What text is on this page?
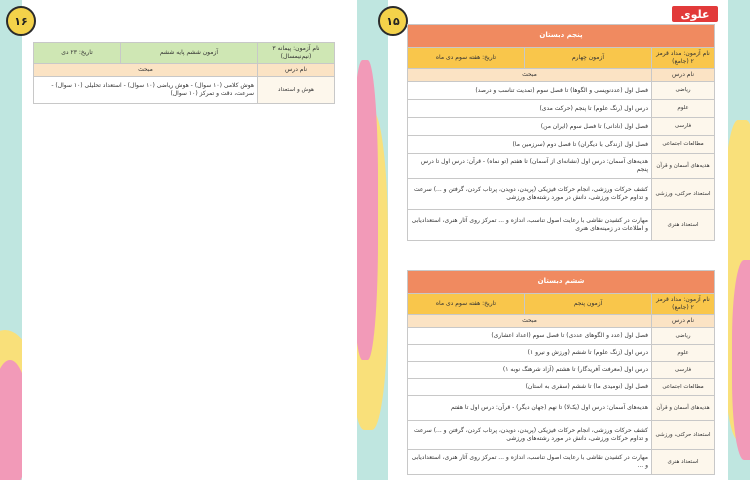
۱۶	۱۵
علوی
نام آزمون: پیمانه ۳ (نیم‌نیمسال)	آزمون ششم پایه ششم	تاریخ: ۲۳ دی
نام درس	مبحث	
هوش و استعداد	هوش کلامی (۱۰ سوال) - هوش ریاضی (۱۰ سوال) - استعداد تحلیلی (۱۰ سوال) - سرعت، دقت و تمرکز (۱۰ سوال)	
پنجم دبستان		
نام آزمون: مداد قرمز ۲ (جامع)	آزمون چهارم	تاریخ: هفته سوم دی ماه
نام درس	مبحث	
ریاضی	فصل اول (عددنویسی و الگوها) تا فصل سوم (تمدیت تناسب و درصد)	
علوم	درس اول (رنگ علوم) تا پنجم (حرکت مدی)	
فارسی	فصل اول (نادانی) تا فصل سوم (ایران من)	
مطالعات اجتماعی	فصل اول (زندگی با دیگران) تا فصل دوم (سرزمین ما)	
هدیه‌های آسمان و قرآن	هدیه‌های آسمان: درس اول (نشانه‌ای از آسمان) تا هفتم (تو نماه) - قرآن: درس اول تا درس پنجم	
استعداد حرکتی، ورزشی	کشف حرکات ورزشی، انجام حرکات فیزیکی (پریدن، دویدن، پرتاب کردن، گرفتن و ...) سرعت و تداوم حرکات ورزشی، دانش در مورد رشته‌های ورزشی	
استعداد هنری	مهارت در کشیدن نقاشی با رعایت اصول تناسب، اندازه و ... تمرکز روی آثار هنری، استعدادیابی و اطلاعات در زمینه‌های هنری	
ششم دبستان		
نام آزمون: مداد قرمز ۲ (جامع)	آزمون پنجم	تاریخ: هفته سوم دی ماه
نام درس	مبحث	
ریاضی	فصل اول (عدد و الگوهای عددی) تا فصل سوم (اعداد اعشاری)	
علوم	درس اول (زنگ علوم) تا ششم (ورزش و نیرو ۱)	
فارسی	درس اول (معرفت آفریدگار) تا هشتم (آزاد شرهنگ نوبه ۱)	
مطالعات اجتماعی	فصل اول (نومیدی ما) تا ششم (سفری به استان)	
هدیه‌های آسمان و قرآن	هدیه‌های آسمان: درس اول (یک‌لا) تا نهم (جهان دیگر) - قرآن: درس اول تا هفتم	
استعداد حرکتی، ورزشی	کشف حرکات ورزشی، انجام حرکات فیزیکی (پریدن، دویدن، پرتاب کردن، گرفتن و ...) سرعت و تداوم حرکات ورزشی، دانش در مورد رشته‌های ورزشی	
استعداد هنری	مهارت در کشیدن نقاشی با رعایت اصول تناسب، اندازه و ... تمرکز روی آثار هنری، استعدادیابی و ...	
